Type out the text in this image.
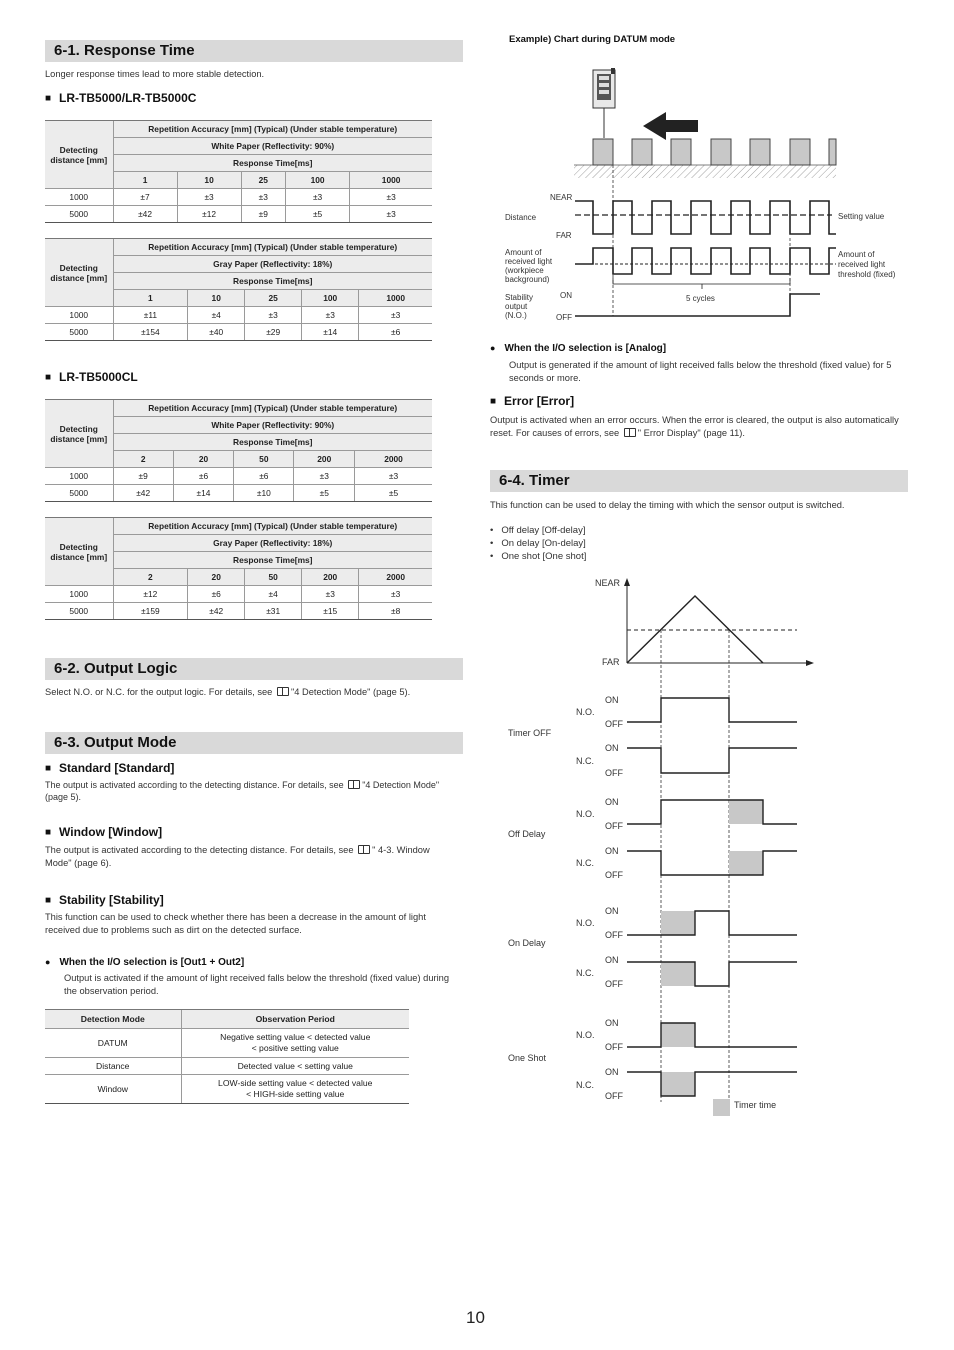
6-1. Response Time
Longer response times lead to more stable detection.
■ LR-TB5000/LR-TB5000C
Detecting distance [mm]	Repetition Accuracy [mm] (Typical) (Under stable temperature)				
	White Paper (Reflectivity: 90%)				
	Response Time[ms]				
	1	10	25	100	1000
1000	±7	±3	±3	±3	±3
5000	±42	±12	±9	±5	±3
Detecting distance [mm]	Repetition Accuracy [mm] (Typical) (Under stable temperature)				
	Gray Paper (Reflectivity: 18%)				
	Response Time[ms]				
	1	10	25	100	1000
1000	±11	±4	±3	±3	±3
5000	±154	±40	±29	±14	±6
■ LR-TB5000CL
Detecting distance [mm]	Repetition Accuracy [mm] (Typical) (Under stable temperature)				
	White Paper (Reflectivity: 90%)				
	Response Time[ms]				
	2	20	50	200	2000
1000	±9	±6	±6	±3	±3
5000	±42	±14	±10	±5	±5
Detecting distance [mm]	Repetition Accuracy [mm] (Typical) (Under stable temperature)				
	Gray Paper (Reflectivity: 18%)				
	Response Time[ms]				
	2	20	50	200	2000
1000	±12	±6	±4	±3	±3
5000	±159	±42	±31	±15	±8
6-2. Output Logic
Select N.O. or N.C. for the output logic. For details, see "4 Detection Mode" (page 5).
6-3. Output Mode
■ Standard [Standard]
The output is activated according to the detecting distance. For details, see "4 Detection Mode" (page 5).
■ Window [Window]
The output is activated according to the detecting distance. For details, see " 4-3. Window Mode" (page 6).
■ Stability [Stability]
This function can be used to check whether there has been a decrease in the amount of light received due to problems such as dirt on the detected surface.
● When the I/O selection is [Out1 + Out2]
Output is activated if the amount of light received falls below the threshold (fixed value) during the observation period.
Detection Mode	Observation Period
DATUM	Negative setting value < detected value
< positive setting value

Distance	Detected value < setting value
Window	LOW-side setting value < detected value
< HIGH-side setting value
Example) Chart during DATUM mode
NEAR
FAR
Distance	Setting value
Amount of
received light
(workpiece
background)
Amount of
received light
threshold (fixed)
5 cycles
Stability
output
(N.O.)
ON
OFF
● When the I/O selection is [Analog]
Output is generated if the amount of light received falls below the threshold (fixed value) for 5 seconds or more.
■ Error [Error]
Output is activated when an error occurs. When the error is cleared, the output is also automatically reset. For causes of errors, see " Error Display" (page 11).
6-4. Timer
This function can be used to delay the timing with which the sensor output is switched.
• Off delay [Off-delay]
• On delay [On-delay]
• One shot [One shot]
NEAR
FAR
Timer OFF
N.O.
ON
OFF
N.C.
ON
OFF
Off Delay
N.O.
ON
OFF
N.C.
ON
OFF
On Delay
N.O.
ON
OFF
N.C.
ON
OFF
One Shot
N.O.
ON
OFF
N.C.
ON
OFF
Timer time
10
